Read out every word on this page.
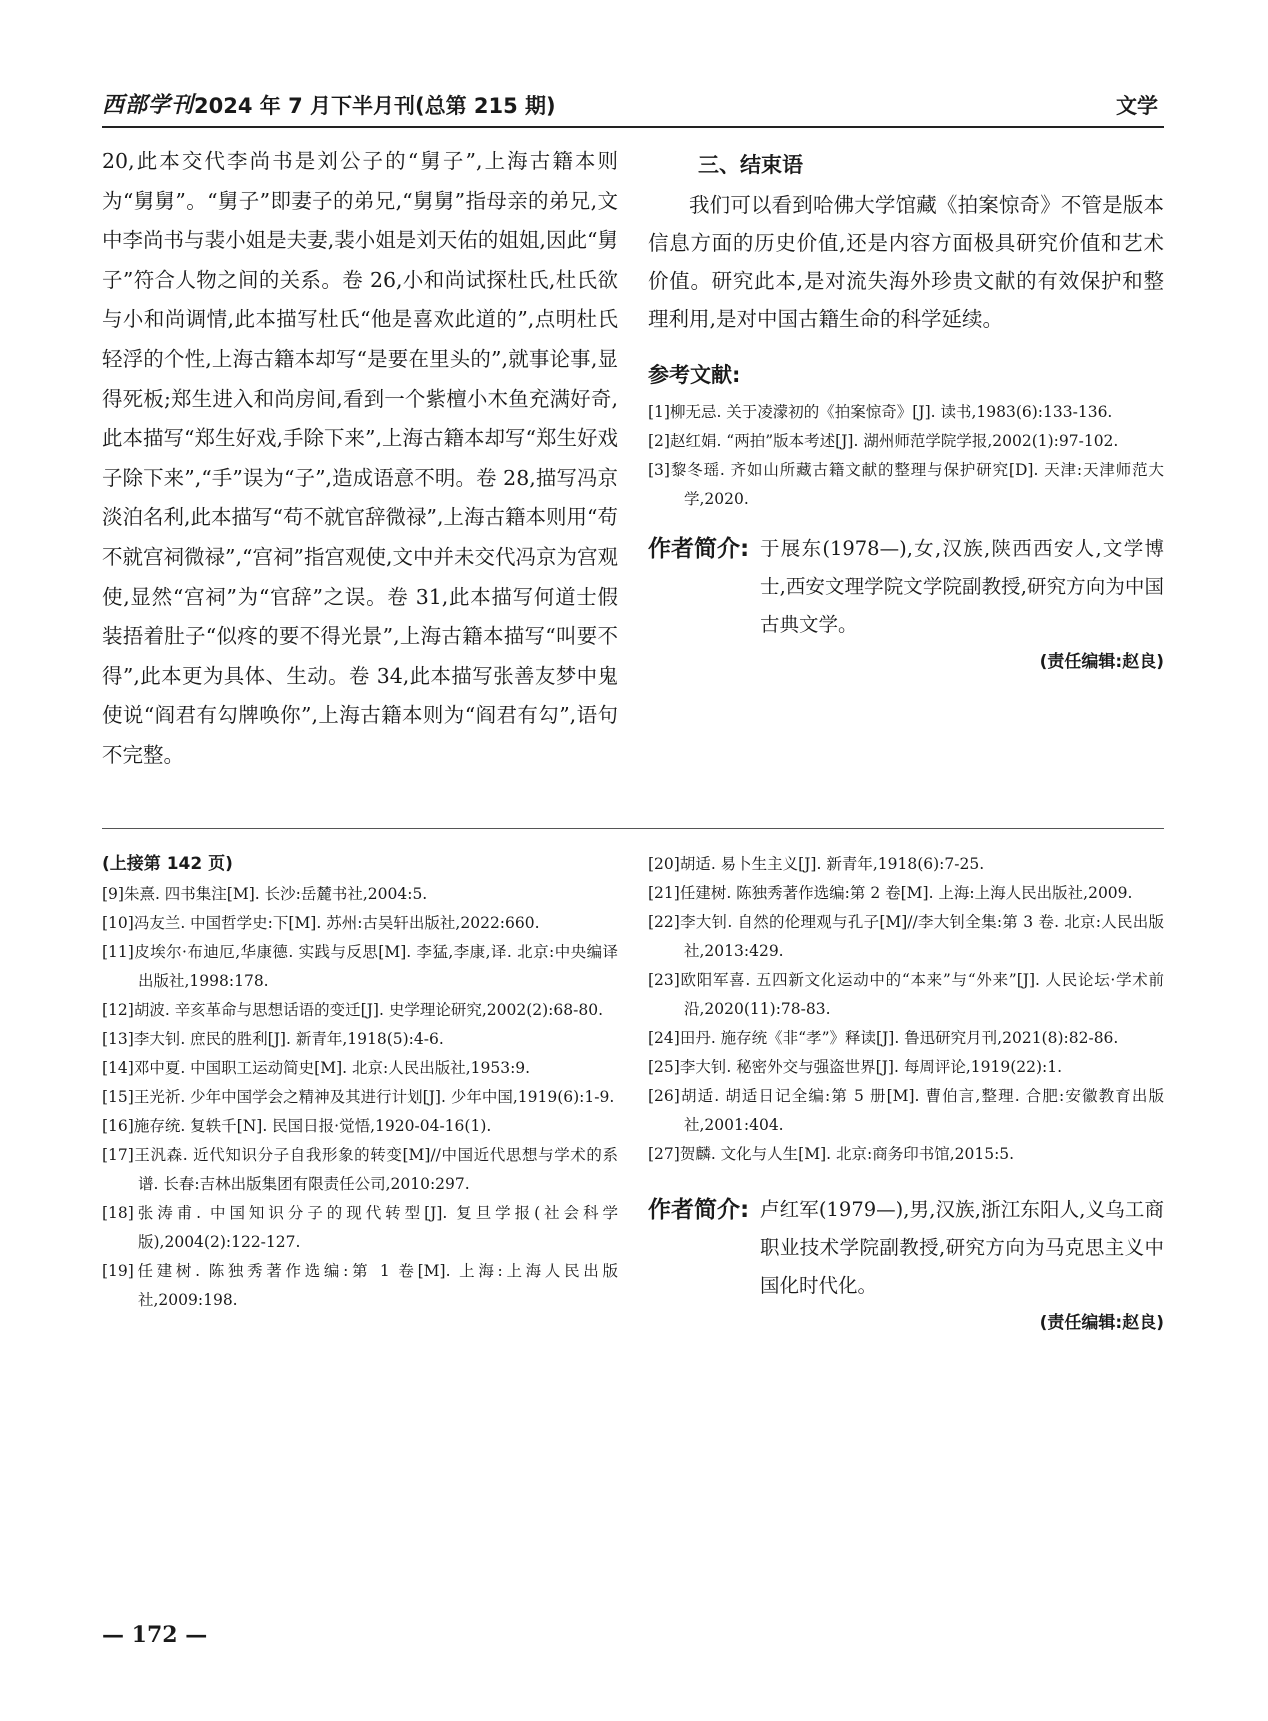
西部学刊 2024 年 7 月下半月刊(总第 215 期)	文学

20,此本交代李尚书是刘公子的“舅子”,上海古籍本则为“舅舅”。“舅子”即妻子的弟兄,“舅舅”指母亲的弟兄,文中李尚书与裴小姐是夫妻,裴小姐是刘天佑的姐姐,因此“舅子”符合人物之间的关系。卷 26,小和尚试探杜氏,杜氏欲与小和尚调情,此本描写杜氏“他是喜欢此道的”,点明杜氏轻浮的个性,上海古籍本却写“是要在里头的”,就事论事,显得死板;郑生进入和尚房间,看到一个紫檀小木鱼充满好奇,此本描写“郑生好戏,手除下来”,上海古籍本却写“郑生好戏子除下来”,“手”误为“子”,造成语意不明。卷 28,描写冯京淡泊名利,此本描写“苟不就官辞微禄”,上海古籍本则用“苟不就宫祠微禄”,“宫祠”指宫观使,文中并未交代冯京为宫观使,显然“宫祠”为“官辞”之误。卷 31,此本描写何道士假装捂着肚子“似疼的要不得光景”,上海古籍本描写“叫要不得”,此本更为具体、生动。卷 34,此本描写张善友梦中鬼使说“阎君有勾牌唤你”,上海古籍本则为“阎君有勾”,语句不完整。

三、结束语

我们可以看到哈佛大学馆藏《拍案惊奇》不管是版本信息方面的历史价值,还是内容方面极具研究价值和艺术价值。研究此本,是对流失海外珍贵文献的有效保护和整理利用,是对中国古籍生命的科学延续。

参考文献:
[1]柳无忌. 关于凌濛初的《拍案惊奇》[J]. 读书,1983(6):133-136.
[2]赵红娟. “两拍”版本考述[J]. 湖州师范学院学报,2002(1):97-102.
[3]黎冬瑶. 齐如山所藏古籍文献的整理与保护研究[D]. 天津:天津师范大学,2020.
作者简介: 于展东(1978—),女,汉族,陕西西安人,文学博士,西安文理学院文学院副教授,研究方向为中国古典文学。
(责任编辑:赵良)
(上接第 142 页)
[9]朱熹. 四书集注[M]. 长沙:岳麓书社,2004:5.
[10]冯友兰. 中国哲学史:下[M]. 苏州:古吴轩出版社,2022:660.
[11]皮埃尔·布迪厄,华康德. 实践与反思[M]. 李猛,李康,译. 北京:中央编译出版社,1998:178.
[12]胡波. 辛亥革命与思想话语的变迁[J]. 史学理论研究,2002(2):68-80.
[13]李大钊. 庶民的胜利[J]. 新青年,1918(5):4-6.
[14]邓中夏. 中国职工运动简史[M]. 北京:人民出版社,1953:9.
[15]王光祈. 少年中国学会之精神及其进行计划[J]. 少年中国,1919(6):1-9.
[16]施存统. 复轶千[N]. 民国日报·觉悟,1920-04-16(1).
[17]王汎森. 近代知识分子自我形象的转变[M]//中国近代思想与学术的系谱. 长春:吉林出版集团有限责任公司,2010:297.
[18]张涛甫. 中国知识分子的现代转型[J]. 复旦学报(社会科学版),2004(2):122-127.
[19]任建树. 陈独秀著作选编:第 1 卷[M]. 上海:上海人民出版社,2009:198.
[20]胡适. 易卜生主义[J]. 新青年,1918(6):7-25.
[21]任建树. 陈独秀著作选编:第 2 卷[M]. 上海:上海人民出版社,2009.
[22]李大钊. 自然的伦理观与孔子[M]//李大钊全集:第 3 卷. 北京:人民出版社,2013:429.
[23]欧阳军喜. 五四新文化运动中的“本来”与“外来”[J]. 人民论坛·学术前沿,2020(11):78-83.
[24]田丹. 施存统《非“孝”》释读[J]. 鲁迅研究月刊,2021(8):82-86.
[25]李大钊. 秘密外交与强盗世界[J]. 每周评论,1919(22):1.
[26]胡适. 胡适日记全编:第 5 册[M]. 曹伯言,整理. 合肥:安徽教育出版社,2001:404.
[27]贺麟. 文化与人生[M]. 北京:商务印书馆,2015:5.
作者简介: 卢红军(1979—),男,汉族,浙江东阳人,义乌工商职业技术学院副教授,研究方向为马克思主义中国化时代化。
(责任编辑:赵良)
— 172 —
